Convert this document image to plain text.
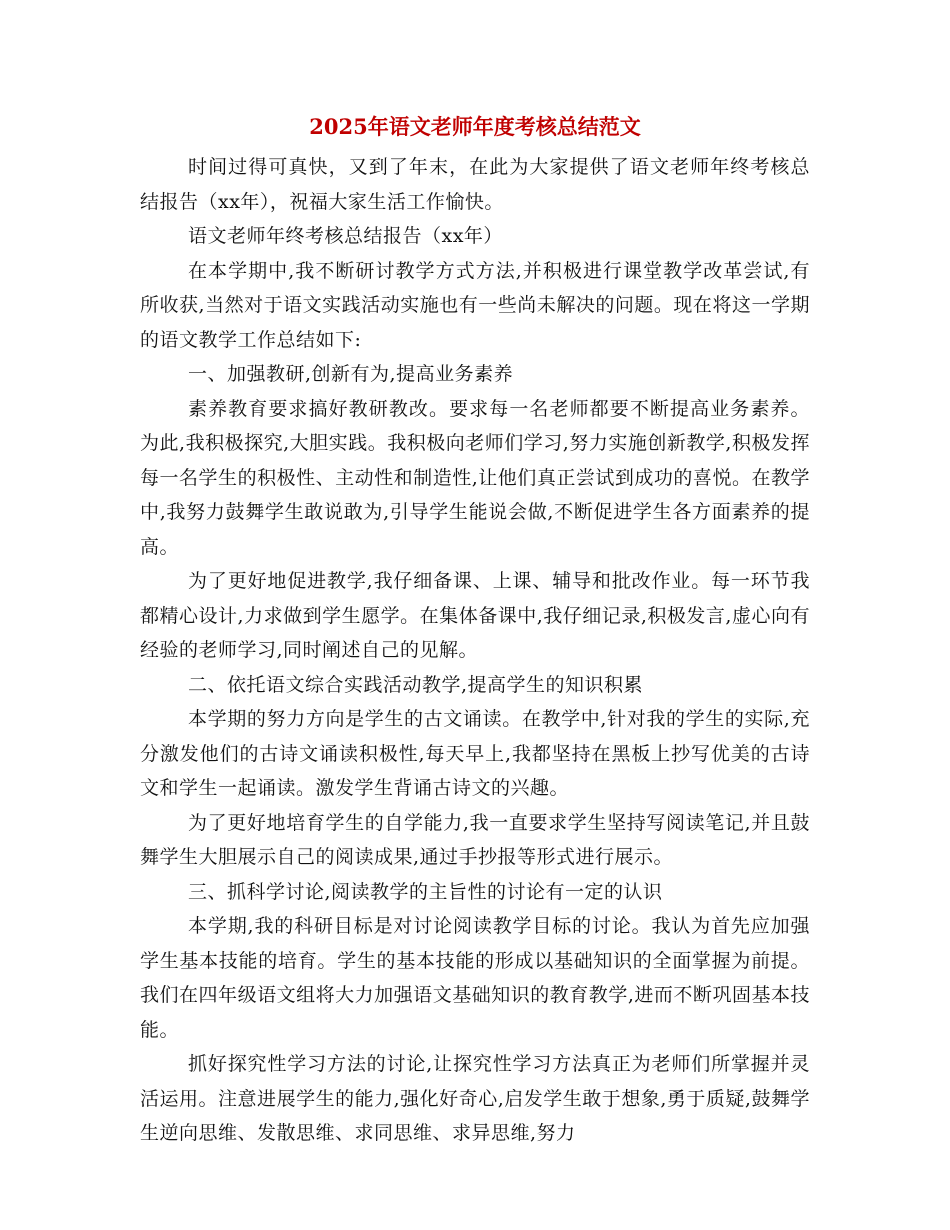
2025年语文老师年度考核总结范文

时间过得可真快，又到了年末，在此为大家提供了语文老师年终考核总结报告（xx年），祝福大家生活工作愉快。

语文老师年终考核总结报告（xx年）

在本学期中,我不断研讨教学方式方法,并积极进行课堂教学改革尝试,有所收获,当然对于语文实践活动实施也有一些尚未解决的问题。现在将这一学期的语文教学工作总结如下:

一、加强教研,创新有为,提高业务素养

素养教育要求搞好教研教改。要求每一名老师都要不断提高业务素养。为此,我积极探究,大胆实践。我积极向老师们学习,努力实施创新教学,积极发挥每一名学生的积极性、主动性和制造性,让他们真正尝试到成功的喜悦。在教学中,我努力鼓舞学生敢说敢为,引导学生能说会做,不断促进学生各方面素养的提高。

为了更好地促进教学,我仔细备课、上课、辅导和批改作业。每一环节我都精心设计,力求做到学生愿学。在集体备课中,我仔细记录,积极发言,虚心向有经验的老师学习,同时阐述自己的见解。

二、依托语文综合实践活动教学,提高学生的知识积累

本学期的努力方向是学生的古文诵读。在教学中,针对我的学生的实际,充分激发他们的古诗文诵读积极性,每天早上,我都坚持在黑板上抄写优美的古诗文和学生一起诵读。激发学生背诵古诗文的兴趣。

为了更好地培育学生的自学能力,我一直要求学生坚持写阅读笔记,并且鼓舞学生大胆展示自己的阅读成果,通过手抄报等形式进行展示。

三、抓科学讨论,阅读教学的主旨性的讨论有一定的认识

本学期,我的科研目标是对讨论阅读教学目标的讨论。我认为首先应加强学生基本技能的培育。学生的基本技能的形成以基础知识的全面掌握为前提。我们在四年级语文组将大力加强语文基础知识的教育教学,进而不断巩固基本技能。

抓好探究性学习方法的讨论,让探究性学习方法真正为老师们所掌握并灵活运用。注意进展学生的能力,强化好奇心,启发学生敢于想象,勇于质疑,鼓舞学生逆向思维、发散思维、求同思维、求异思维,努力
